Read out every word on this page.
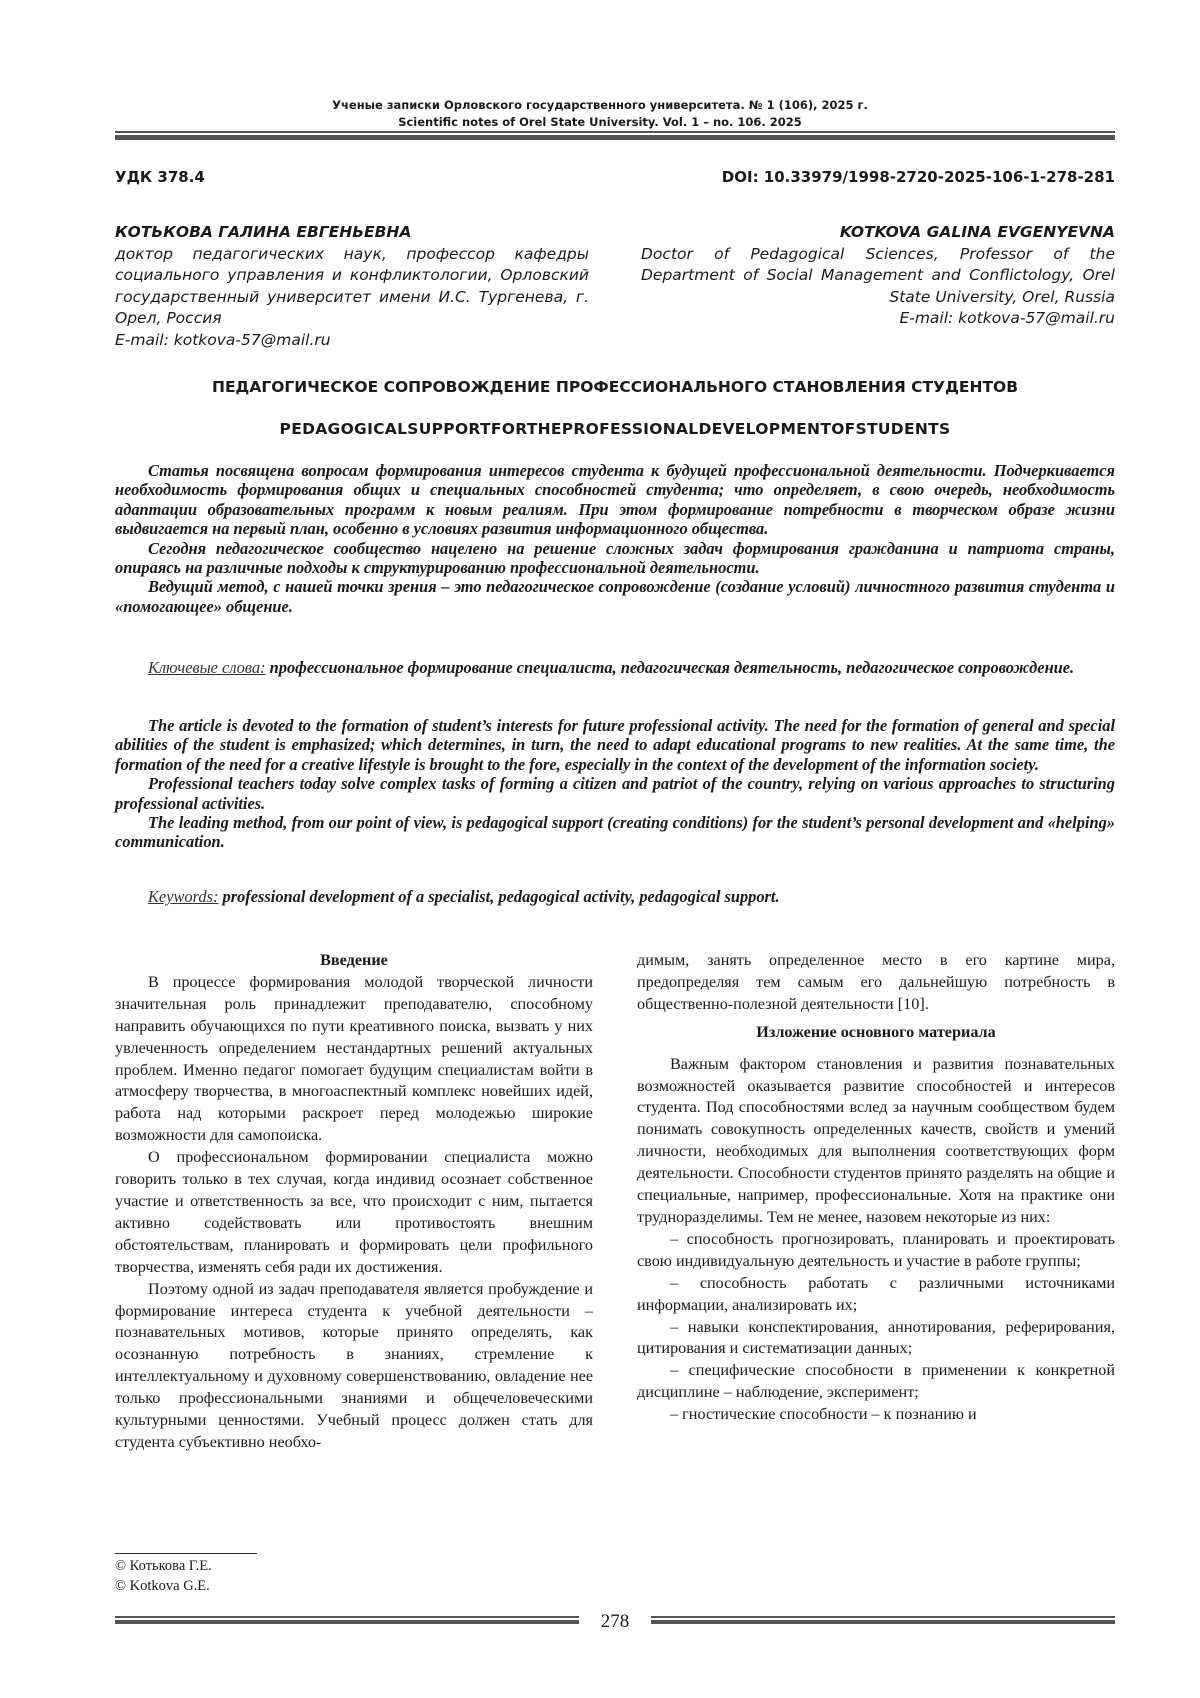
Ученые записки Орловского государственного университета. № 1 (106), 2025 г.
Scientific notes of Orel State University. Vol. 1 – no. 106. 2025
УДК 378.4	DOI: 10.33979/1998-2720-2025-106-1-278-281
КОТЬКОВА ГАЛИНА ЕВГЕНЬЕВНА
доктор педагогических наук, профессор кафедры социального управления и конфликтологии, Орловский государственный университет имени И.С. Тургенева, г. Орел, Россия
E-mail: kotkova-57@mail.ru
KOTKOVA GALINA EVGENYEVNA
Doctor of Pedagogical Sciences, Professor of the Department of Social Management and Conflictology, Orel State University, Orel, Russia
E-mail: kotkova-57@mail.ru
ПЕДАГОГИЧЕСКОЕ СОПРОВОЖДЕНИЕ ПРОФЕССИОНАЛЬНОГО СТАНОВЛЕНИЯ СТУДЕНТОВ
PEDAGOGICALSUPPORTFORTHEPROFESSIONALDEVELOPMENTOFSTUDENTS

Статья посвящена вопросам формирования интересов студента к будущей профессиональной деятельности. Подчеркивается необходимость формирования общих и специальных способностей студента; что определяет, в свою очередь, необходимость адаптации образовательных программ к новым реалиям. При этом формирование потребности в творческом образе жизни выдвигается на первый план, особенно в условиях развития информационного общества.

Сегодня педагогическое сообщество нацелено на решение сложных задач формирования гражданина и патриота страны, опираясь на различные подходы к структурированию профессиональной деятельности.

Ведущий метод, с нашей точки зрения – это педагогическое сопровождение (создание условий) личностного развития студента и «помогающее» общение.

Ключевые слова: профессиональное формирование специалиста, педагогическая деятельность, педагогическое сопровождение.

The article is devoted to the formation of student’s interests for future professional activity. The need for the formation of general and special abilities of the student is emphasized; which determines, in turn, the need to adapt educational programs to new realities. At the same time, the formation of the need for a creative lifestyle is brought to the fore, especially in the context of the development of the information society.

Professional teachers today solve complex tasks of forming a citizen and patriot of the country, relying on various approaches to structuring professional activities.

The leading method, from our point of view, is pedagogical support (creating conditions) for the student’s personal development and «helping» communication.

Keywords: professional development of a specialist, pedagogical activity, pedagogical support.

Введение

В процессе формирования молодой творческой личности значительная роль принадлежит преподавателю, способному направить обучающихся по пути креативного поиска, вызвать у них увлеченность определением нестандартных решений актуальных проблем. Именно педагог помогает будущим специалистам войти в атмосферу творчества, в многоаспектный комплекс новейших идей, работа над которыми раскроет перед молодежью широкие возможности для самопоиска.

О профессиональном формировании специалиста можно говорить только в тех случая, когда индивид осознает собственное участие и ответственность за все, что происходит с ним, пытается активно содействовать или противостоять внешним обстоятельствам, планировать и формировать цели профильного творчества, изменять себя ради их достижения.

Поэтому одной из задач преподавателя является пробуждение и формирование интереса студента к учебной деятельности – познавательных мотивов, которые принято определять, как осознанную потребность в знаниях, стремление к интеллектуальному и духовному совершенствованию, овладение нее только профессиональными знаниями и общечеловеческими культурными ценностями. Учебный процесс должен стать для студента субъективно необхо-

димым, занять определенное место в его картине мира, предопределяя тем самым его дальнейшую потребность в общественно-полезной деятельности [10].

Изложение основного материала

Важным фактором становления и развития познавательных возможностей оказывается развитие способностей и интересов студента. Под способностями вслед за научным сообществом будем понимать совокупность определенных качеств, свойств и умений личности, необходимых для выполнения соответствующих форм деятельности. Способности студентов принято разделять на общие и специальные, например, профессиональные. Хотя на практике они трудноразделимы. Тем не менее, назовем некоторые из них:

– способность прогнозировать, планировать и проектировать свою индивидуальную деятельность и участие в работе группы;

– способность работать с различными источниками информации, анализировать их;

– навыки конспектирования, аннотирования, реферирования, цитирования и систематизации данных;

– специфические способности в применении к конкретной дисциплине – наблюдение, эксперимент;

– гностические способности – к познанию и

© Котькова Г.Е.
© Kotkova G.E.
278
